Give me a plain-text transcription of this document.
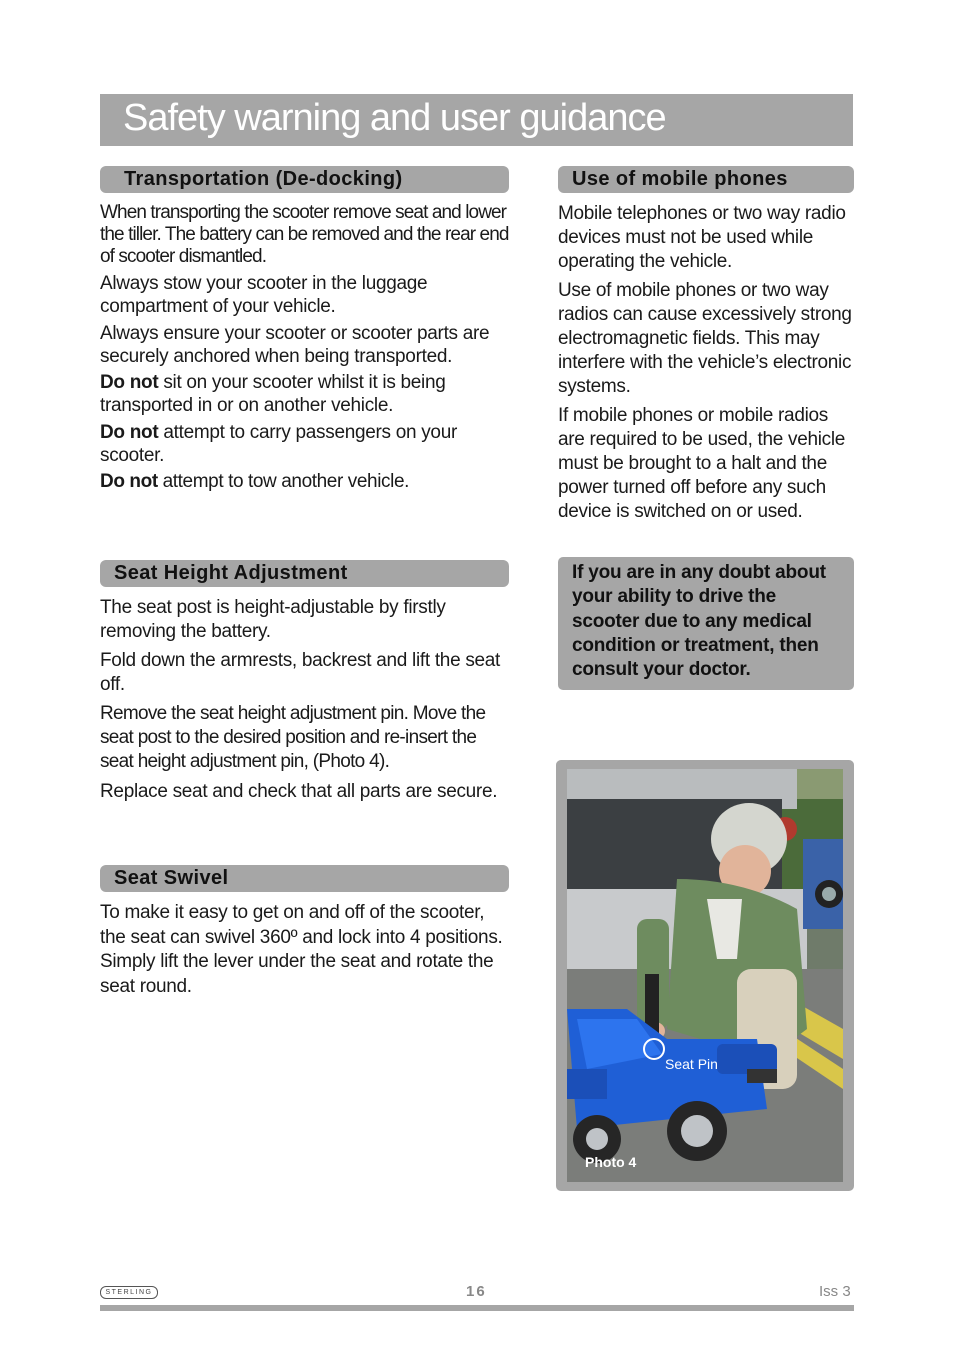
Safety warning and user guidance
Transportation (De-docking)

When transporting the scooter remove seat and lower the tiller. The battery can be removed and the rear end of scooter dismantled.

Always stow your scooter in the luggage compartment of your vehicle.

Always ensure your scooter or scooter parts are securely anchored when being transported.

Do not sit on your scooter whilst it is being transported in or on another vehicle.

Do not attempt to carry passengers on your scooter.

Do not attempt to tow another vehicle.

Seat Height Adjustment

The seat post is height-adjustable by firstly removing the battery.

Fold down the armrests, backrest and lift the seat off.

Remove the seat height adjustment pin. Move the seat post to the desired position and re-insert the seat height adjustment pin, (Photo 4).

Replace seat and check that all parts are secure.

Seat Swivel

To make it easy to get on and off of the scooter, the seat can swivel 360º and lock into 4 positions. Simply lift the lever under the seat and rotate the seat round.

Use of mobile phones

Mobile telephones or two way radio devices must not be used while operating the vehicle.

Use of mobile phones or two way radios can cause excessively strong electromagnetic fields. This may interfere with the vehicle’s electronic systems.

If mobile phones or mobile radios are required to be used, the vehicle must be brought to a halt and the power turned off before any such device is switched on or used.

If you are in any doubt about your ability to drive the scooter due to any medical condition or treatment, then consult your doctor.

Seat Pin
Photo 4
STERLING	16	Iss 3
